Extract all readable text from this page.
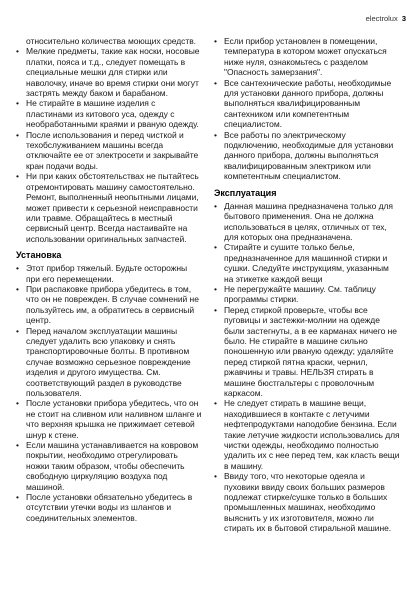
electrolux 3
относительно количества моющих средств.
• Мелкие предметы, такие как носки, носовые платки, пояса и т.д., следует помещать в специальные мешки для стирки или наволочку, иначе во время стирки они могут застрять между баком и барабаном.
• Не стирайте в машине изделия с пластинами из китового уса, одежду с необработанными краями и рваную одежду.
• После использования и перед чисткой и техобслуживанием машины всегда отключайте ее от электросети и закрывайте кран подачи воды.
• Ни при каких обстоятельствах не пытайтесь отремонтировать машину самостоятельно. Ремонт, выполненный неопытными лицами, может привести к серьезной неисправности или травме. Обращайтесь в местный сервисный центр. Всегда настаивайте на использовании оригинальных запчастей.
Установка
• Этот прибор тяжелый. Будьте осторожны при его перемещении.
• При распаковке прибора убедитесь в том, что он не поврежден. В случае сомнений не пользуйтесь им, а обратитесь в сервисный центр.
• Перед началом эксплуатации машины следует удалить всю упаковку и снять транспортировочные болты. В противном случае возможно серьезное повреждение изделия и другого имущества. См. соответствующий раздел в руководстве пользователя.
• После установки прибора убедитесь, что он не стоит на сливном или наливном шланге и что верхняя крышка не прижимает сетевой шнур к стене.
• Если машина устанавливается на ковровом покрытии, необходимо отрегулировать ножки таким образом, чтобы обеспечить свободную циркуляцию воздуха под машиной.
• После установки обязательно убедитесь в отсутствии утечки воды из шлангов и соединительных элементов.
• Если прибор установлен в помещении, температура в котором может опускаться ниже нуля, ознакомьтесь с разделом "Опасность замерзания".
• Все сантехнические работы, необходимые для установки данного прибора, должны выполняться квалифицированным сантехником или компетентным специалистом.
• Все работы по электрическому подключению, необходимые для установки данного прибора, должны выполняться квалифицированным электриком или компетентным специалистом.
Эксплуатация
• Данная машина предназначена только для бытового применения. Она не должна использоваться в целях, отличных от тех, для которых она предназначена.
• Стирайте и сушите только белье, предназначенное для машинной стирки и сушки. Следуйте инструкциям, указанным на этикетке каждой вещи
• Не перегружайте машину. См. таблицу программы стирки.
• Перед стиркой проверьте, чтобы все пуговицы и застежки-молнии на одежде были застегнуты, а в ее карманах ничего не было. Не стирайте в машине сильно поношенную или рваную одежду; удаляйте перед стиркой пятна краски, чернил, ржавчины и травы. НЕЛЬЗЯ стирать в машине бюстгальтеры с проволочным каркасом.
• Не следует стирать в машине вещи, находившиеся в контакте с летучими нефтепродуктами наподобие бензина. Если такие летучие жидкости использовались для чистки одежды, необходимо полностью удалить их с нее перед тем, как класть вещи в машину.
• Ввиду того, что некоторые одеяла и пуховики ввиду своих больших размеров подлежат стирке/сушке только в больших промышленных машинах, необходимо выяснить у их изготовителя, можно ли стирать их в бытовой стиральной машине.
